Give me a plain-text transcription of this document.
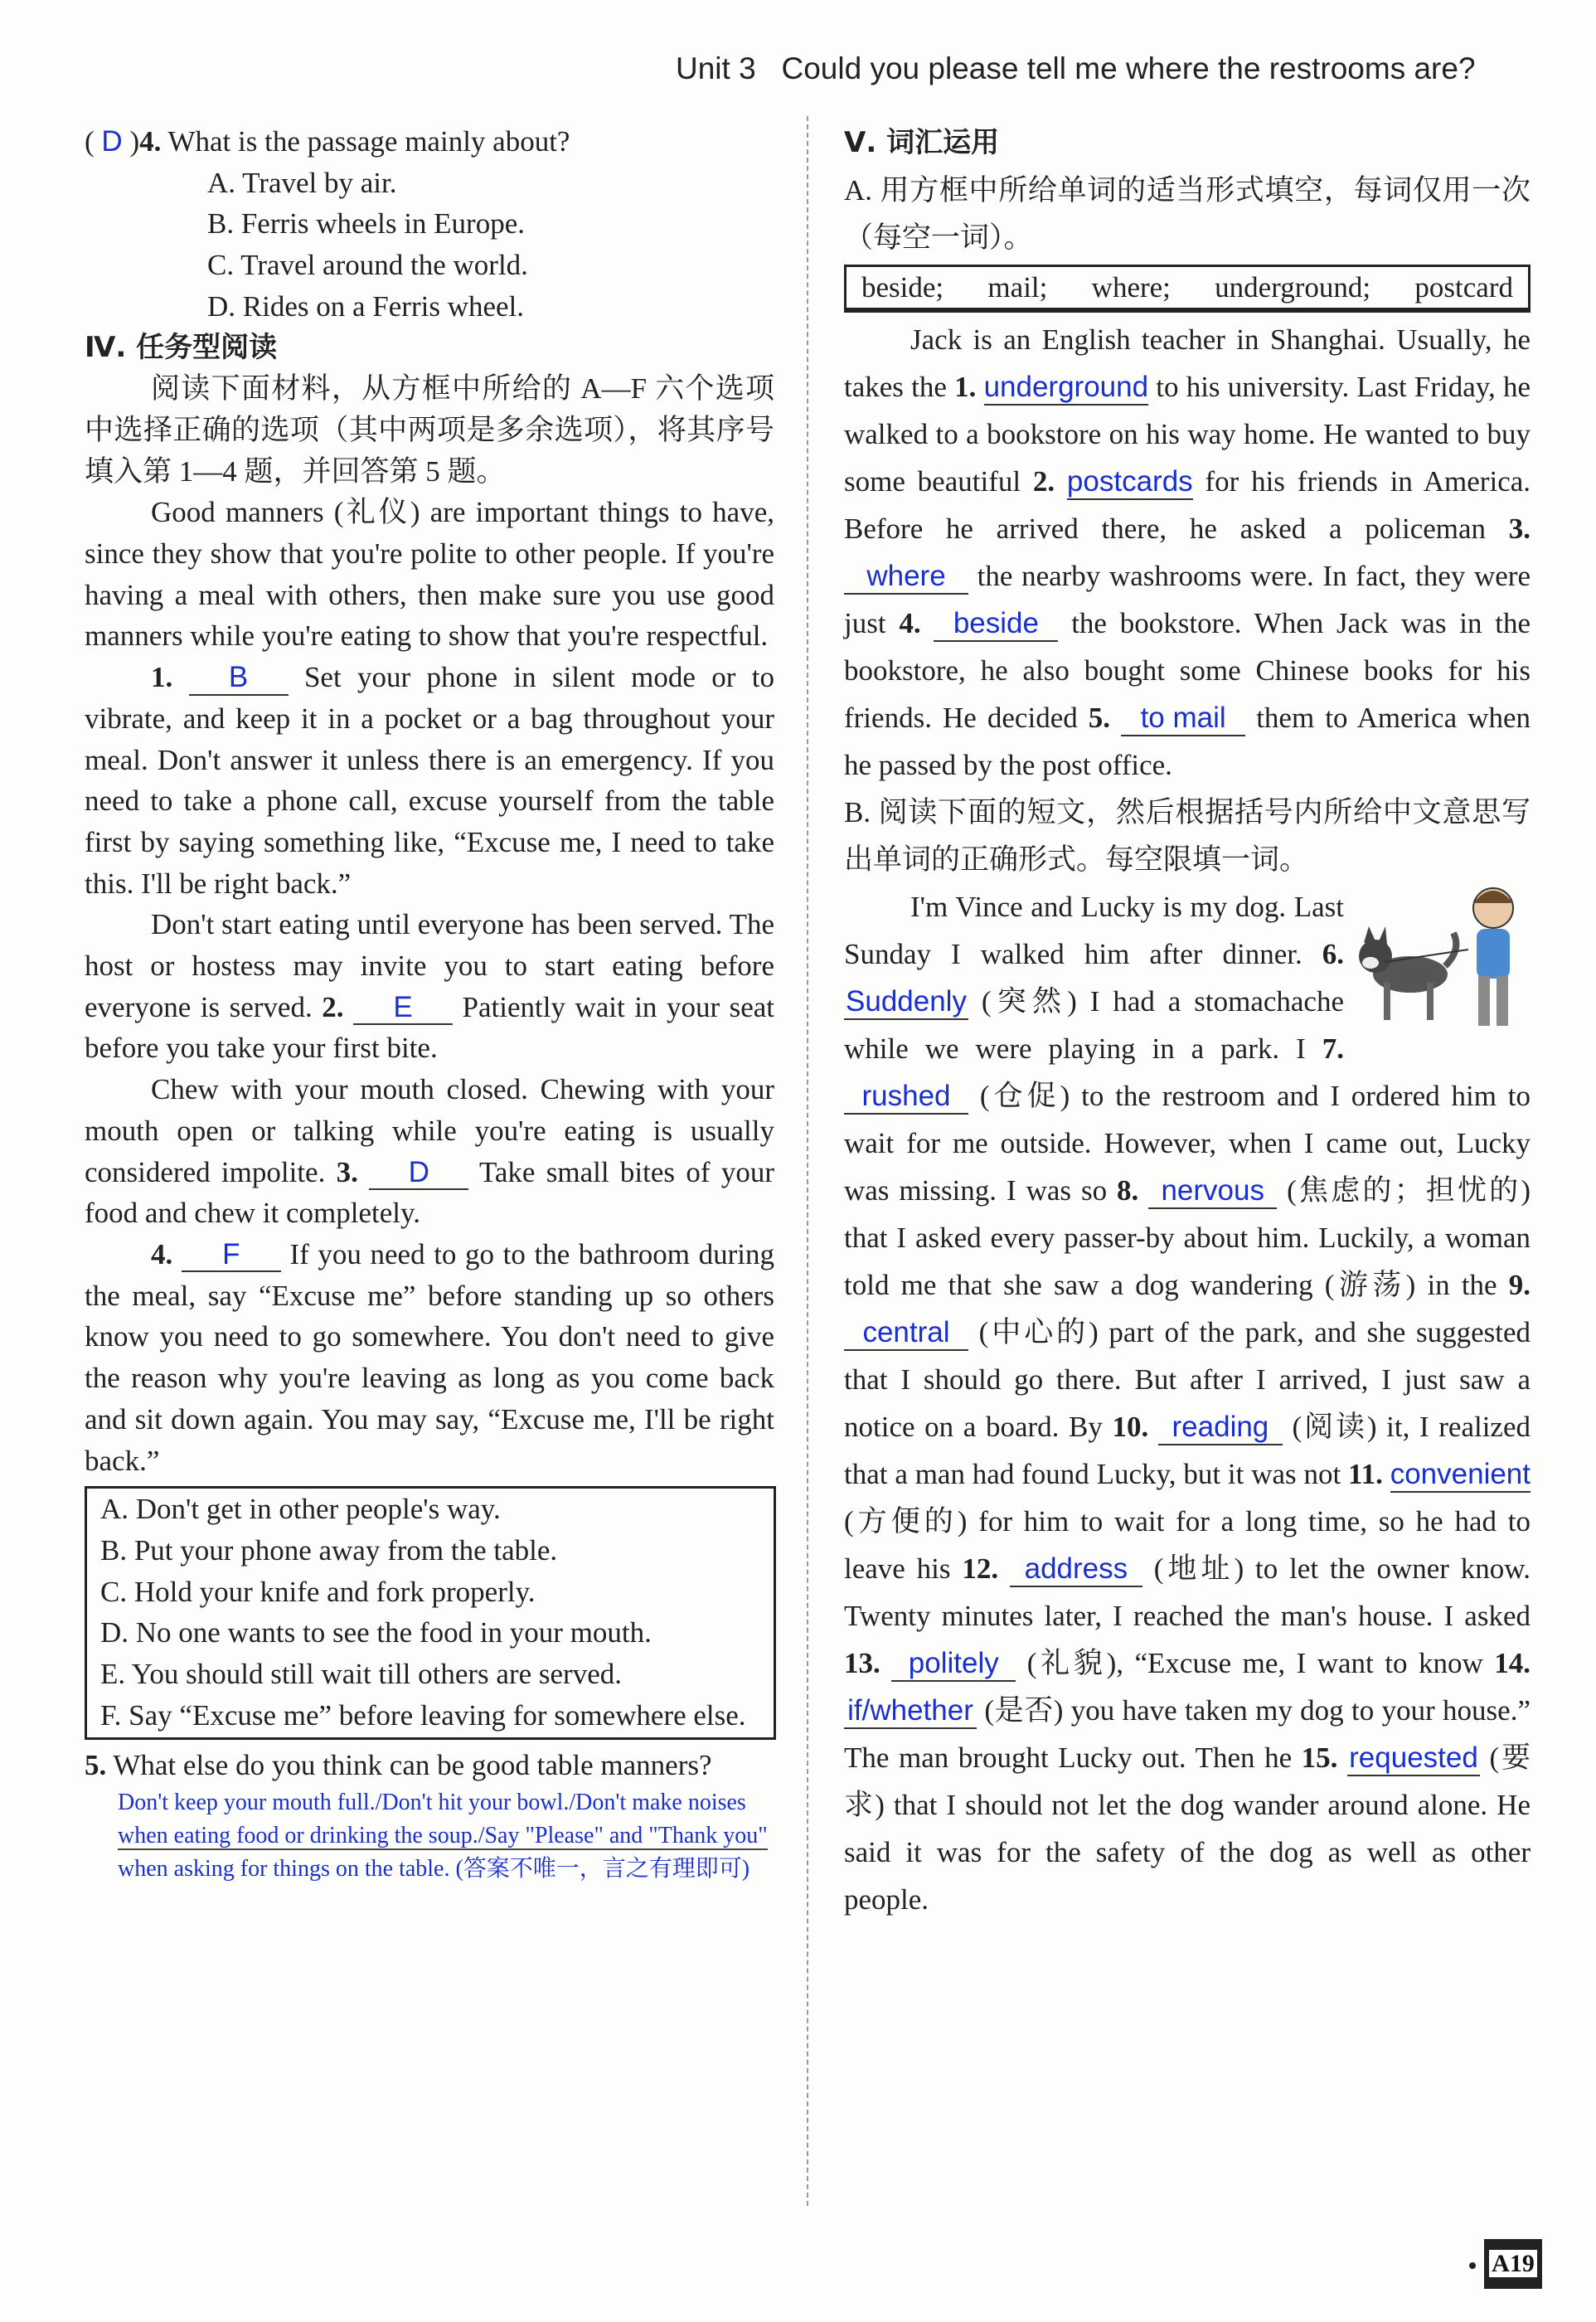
Unit 3   Could you please tell me where the restrooms are?

( D )4. What is the passage mainly about?

A. Travel by air.

B. Ferris wheels in Europe.

C. Travel around the world.

D. Rides on a Ferris wheel.

Ⅳ. 任务型阅读

阅读下面材料，从方框中所给的 A—F 六个选项中选择正确的选项（其中两项是多余选项），将其序号填入第 1—4 题，并回答第 5 题。

Good manners (礼仪) are important things to have, since they show that you're polite to other people. If you're having a meal with others, then make sure you use good manners while you're eating to show that you're respectful.

1. B Set your phone in silent mode or to vibrate, and keep it in a pocket or a bag throughout your meal. Don't answer it unless there is an emergency. If you need to take a phone call, excuse yourself from the table first by saying something like, “Excuse me, I need to take this. I'll be right back.”

Don't start eating until everyone has been served. The host or hostess may invite you to start eating before everyone is served. 2. E Patiently wait in your seat before you take your first bite.

Chew with your mouth closed. Chewing with your mouth open or talking while you're eating is usually considered impolite. 3. D Take small bites of your food and chew it completely.

4. F If you need to go to the bathroom during the meal, say “Excuse me” before standing up so others know you need to go somewhere. You don't need to give the reason why you're leaving as long as you come back and sit down again. You may say, “Excuse me, I'll be right back.”

A. Don't get in other people's way.

B. Put your phone away from the table.

C. Hold your knife and fork properly.

D. No one wants to see the food in your mouth.

E. You should still wait till others are served.

F. Say “Excuse me” before leaving for somewhere else.

5. What else do you think can be good table manners?

Don't keep your mouth full./Don't hit your bowl./Don't make noises
when eating food or drinking the soup./Say "Please" and "Thank you"
when asking for things on the table. (答案不唯一，言之有理即可)

Ⅴ. 词汇运用

A. 用方框中所给单词的适当形式填空，每词仅用一次（每空一词）。

beside; mail; where; underground; postcard

Jack is an English teacher in Shanghai. Usually, he takes the 1. underground to his university. Last Friday, he walked to a bookstore on his way home. He wanted to buy some beautiful 2. postcards for his friends in America. Before he arrived there, he asked a policeman 3. where the nearby washrooms were. In fact, they were just 4. beside the bookstore. When Jack was in the bookstore, he also bought some Chinese books for his friends. He decided 5. to mail them to America when he passed by the post office.

B. 阅读下面的短文，然后根据括号内所给中文意思写出单词的正确形式。每空限填一词。

I'm Vince and Lucky is my dog. Last Sunday I walked him after dinner. 6. Suddenly (突然) I had a stomachache while we were playing in a park. I 7. rushed (仓促) to the restroom and I ordered him to wait for me outside. However, when I came out, Lucky was missing. I was so 8. nervous (焦虑的；担忧的) that I asked every passer-by about him. Luckily, a woman told me that she saw a dog wandering (游荡) in the 9. central (中心的) part of the park, and she suggested that I should go there. But after I arrived, I just saw a notice on a board. By 10. reading (阅读) it, I realized that a man had found Lucky, but it was not 11. convenient (方便的) for him to wait for a long time, so he had to leave his 12. address (地址) to let the owner know. Twenty minutes later, I reached the man's house. I asked 13. politely (礼貌), “Excuse me, I want to know 14. if/whether (是否) you have taken my dog to your house.” The man brought Lucky out. Then he 15. requested (要求) that I should not let the dog wander around alone. He said it was for the safety of the dog as well as other people.

A19
